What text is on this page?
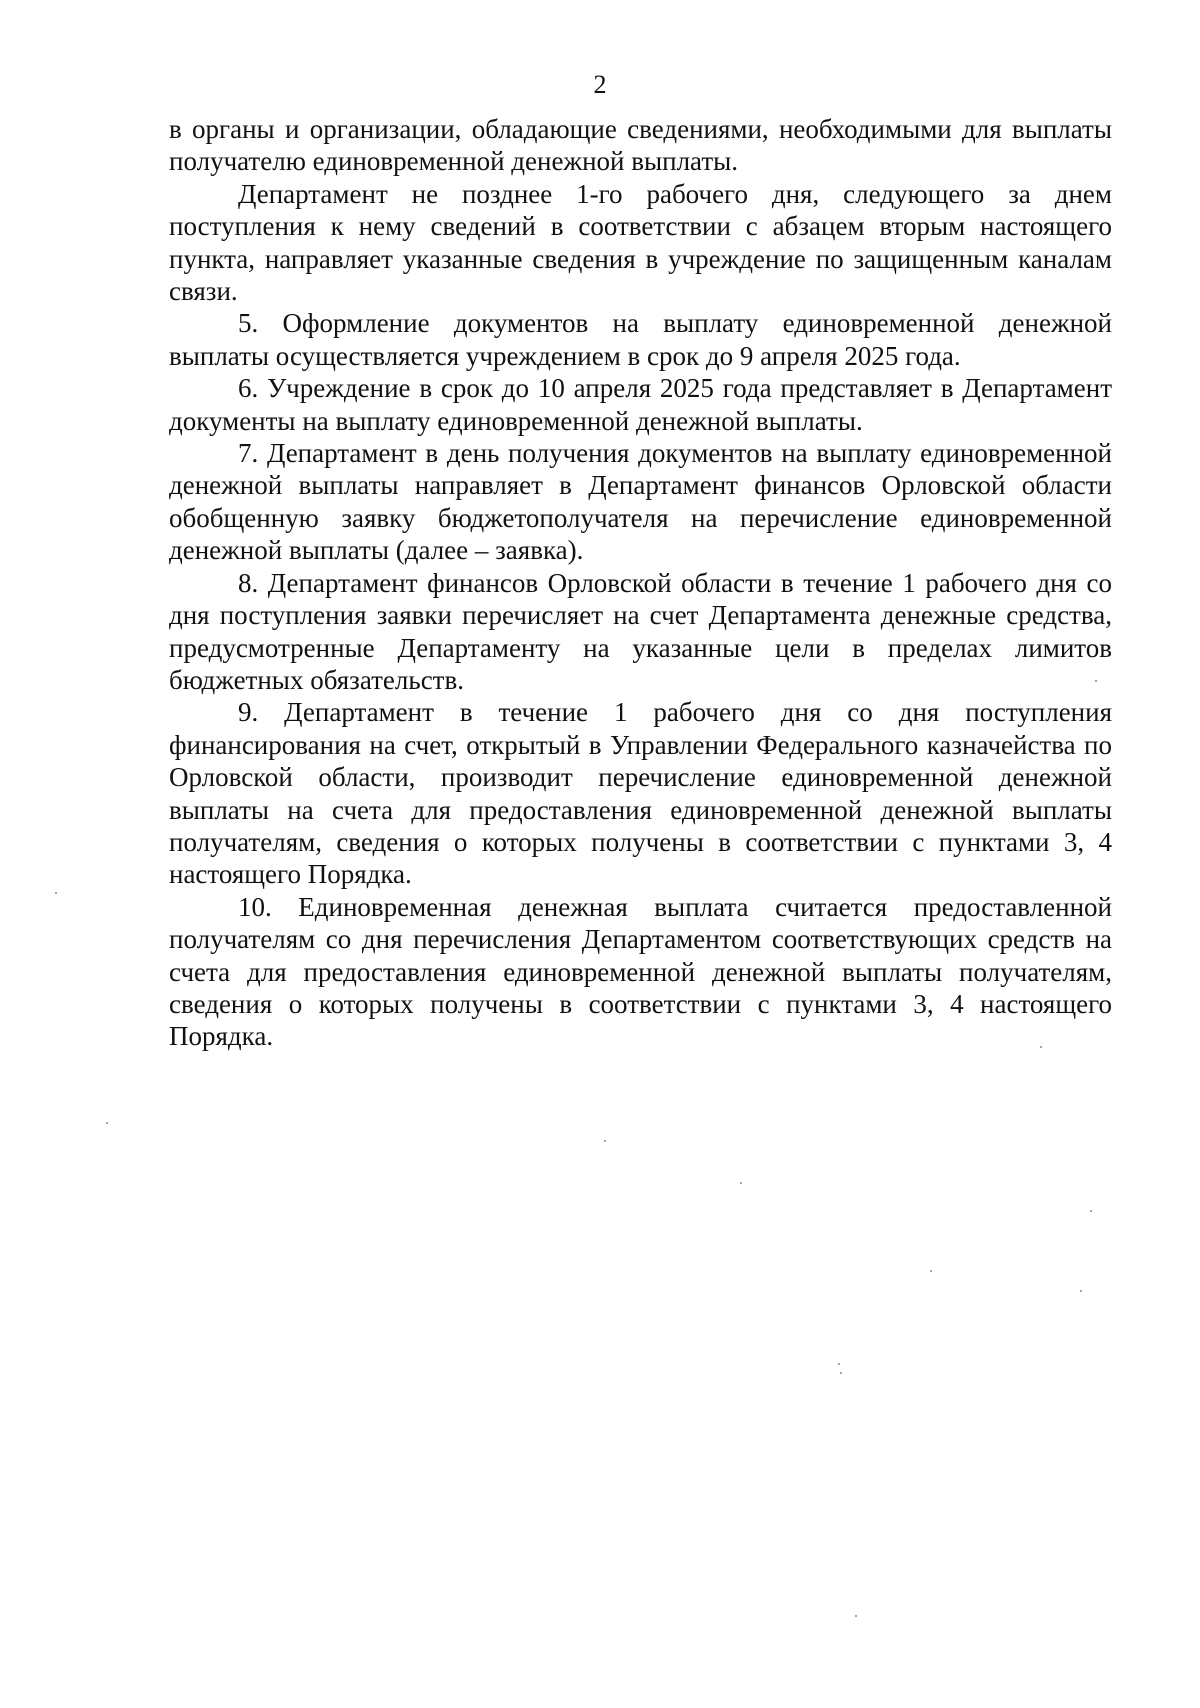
2

в органы и организации, обладающие сведениями, необходимыми для выплаты получателю единовременной денежной выплаты.

Департамент не позднее 1-го рабочего дня, следующего за днем поступления к нему сведений в соответствии с абзацем вторым настоящего пункта, направляет указанные сведения в учреждение по защищенным каналам связи.

5. Оформление документов на выплату единовременной денежной выплаты осуществляется учреждением в срок до 9 апреля 2025 года.

6. Учреждение в срок до 10 апреля 2025 года представляет в Департамент документы на выплату единовременной денежной выплаты.

7. Департамент в день получения документов на выплату единовременной денежной выплаты направляет в Департамент финансов Орловской области обобщенную заявку бюджетополучателя на перечисление единовременной денежной выплаты (далее – заявка).

8. Департамент финансов Орловской области в течение 1 рабочего дня со дня поступления заявки перечисляет на счет Департамента денежные средства, предусмотренные Департаменту на указанные цели в пределах лимитов бюджетных обязательств.

9. Департамент в течение 1 рабочего дня со дня поступления финансирования на счет, открытый в Управлении Федерального казначейства по Орловской области, производит перечисление единовременной денежной выплаты на счета для предоставления единовременной денежной выплаты получателям, сведения о которых получены в соответствии с пунктами 3, 4 настоящего Порядка.

10. Единовременная денежная выплата считается предоставленной получателям со дня перечисления Департаментом соответствующих средств на счета для предоставления единовременной денежной выплаты получателям, сведения о которых получены в соответствии с пунктами 3, 4 настоящего Порядка.
